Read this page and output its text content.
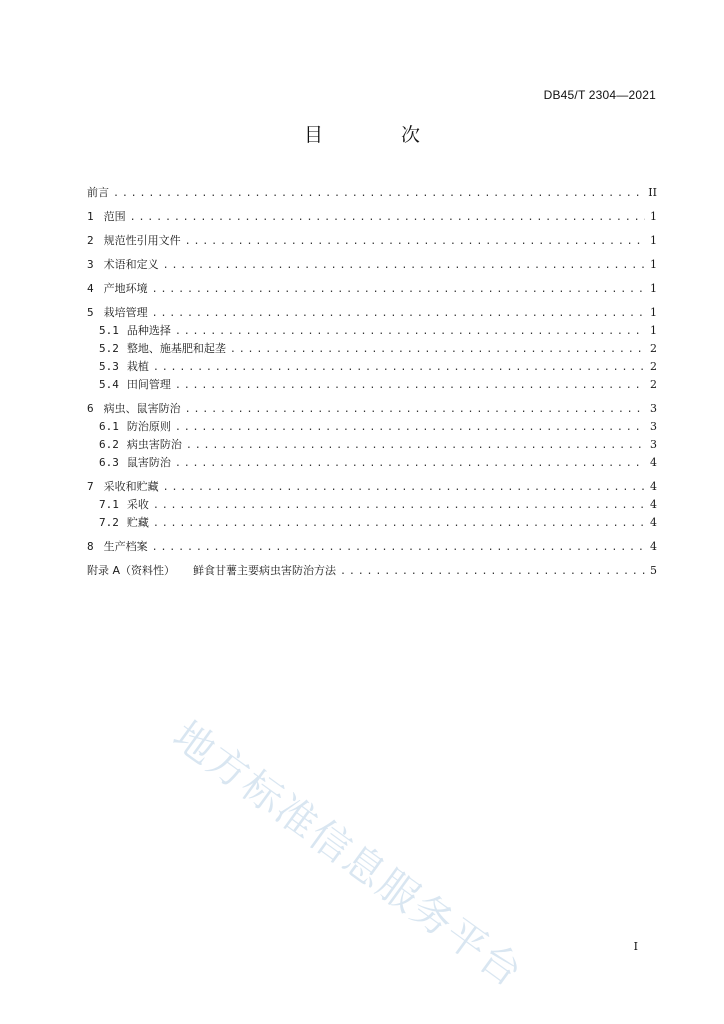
DB45/T 2304—2021
目 次
前言 . . .	II
1 范围 . . .	1
2 规范性引用文件 . . .	1
3 术语和定义 . . .	1
4 产地环境 . . .	1
5 栽培管理 . . .	1
5.1 品种选择 . . .	1
5.2 整地、施基肥和起垄 . . .	2
5.3 栽植 . . .	2
5.4 田间管理 . . .	2
6 病虫、鼠害防治 . . .	3
6.1 防治原则 . . .	3
6.2 病虫害防治 . . .	3
6.3 鼠害防治 . . .	4
7 采收和贮藏 . . .	4
7.1 采收 . . .	4
7.2 贮藏 . . .	4
8 生产档案 . . .	4
附录 A（资料性） 鲜食甘薯主要病虫害防治方法 . . .	5
地方标准信息服务平台	I
